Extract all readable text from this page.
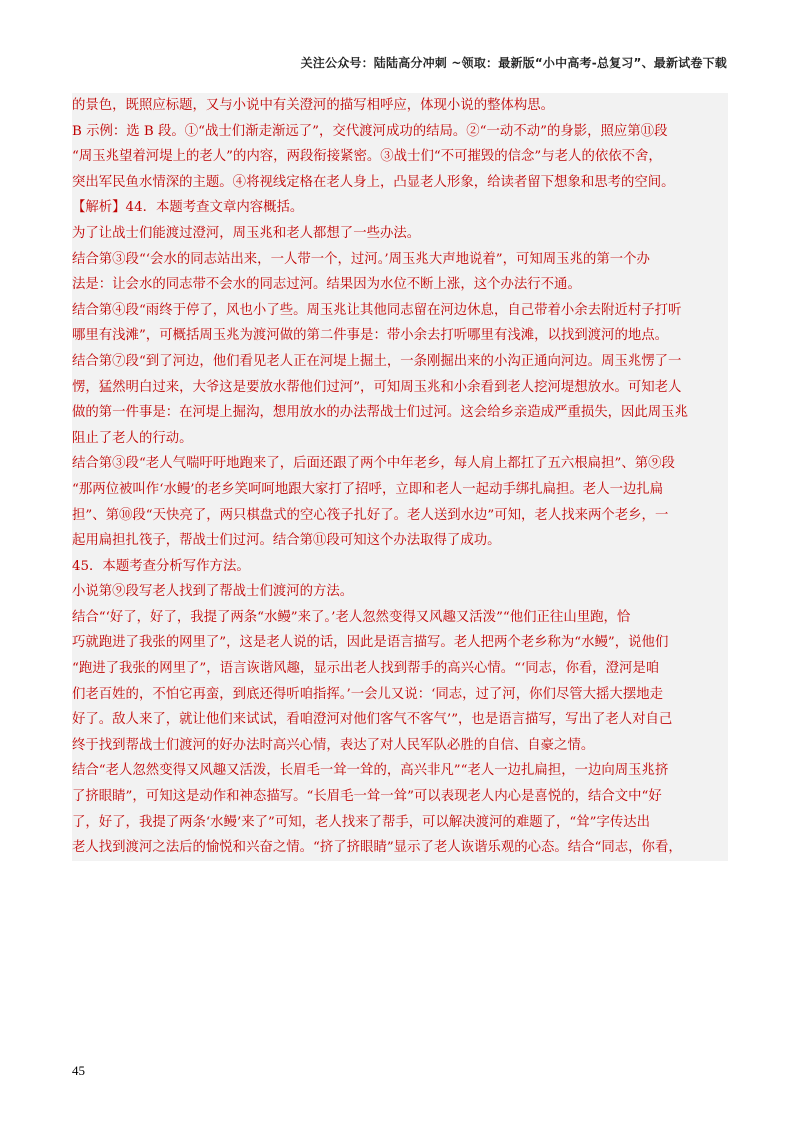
关注公众号：陆陆高分冲刺 ~领取：最新版“小中高考-总复习”、最新试卷下载
的景色，既照应标题，又与小说中有关澄河的描写相呼应，体现小说的整体构思。
B 示例：选 B 段。①“战士们渐走渐远了”，交代渡河成功的结局。②“一动不动”的身影，照应第⑪段
“周玉兆望着河堤上的老人”的内容，两段衔接紧密。③战士们“不可摧毁的信念”与老人的依依不舍，
突出军民鱼水情深的主题。④将视线定格在老人身上，凸显老人形象，给读者留下想象和思考的空间。
【解析】44．本题考查文章内容概括。
为了让战士们能渡过澄河，周玉兆和老人都想了一些办法。
结合第③段“‘会水的同志站出来，一人带一个，过河。’周玉兆大声地说着”，可知周玉兆的第一个办
法是：让会水的同志带不会水的同志过河。结果因为水位不断上涨，这个办法行不通。
结合第④段“雨终于停了，风也小了些。周玉兆让其他同志留在河边休息，自己带着小余去附近村子打听
哪里有浅滩”，可概括周玉兆为渡河做的第二件事是：带小余去打听哪里有浅滩，以找到渡河的地点。
结合第⑦段“到了河边，他们看见老人正在河堤上掘土，一条刚掘出来的小沟正通向河边。周玉兆愣了一
愣，猛然明白过来，大爷这是要放水帮他们过河”，可知周玉兆和小余看到老人挖河堤想放水。可知老人
做的第一件事是：在河堤上掘沟，想用放水的办法帮战士们过河。这会给乡亲造成严重损失，因此周玉兆
阻止了老人的行动。
结合第③段“老人气喘吁吁地跑来了，后面还跟了两个中年老乡，每人肩上都扛了五六根扁担”、第⑨段
“那两位被叫作‘水鳗’的老乡笑呵呵地跟大家打了招呼，立即和老人一起动手绑扎扁担。老人一边扎扁
担”、第⑩段“天快亮了，两只棋盘式的空心筏子扎好了。老人送到水边”可知，老人找来两个老乡，一
起用扁担扎筏子，帮战士们过河。结合第⑪段可知这个办法取得了成功。
45．本题考查分析写作方法。
小说第⑨段写老人找到了帮战士们渡河的方法。
结合“‘好了，好了，我提了两条“水鳗”来了。’老人忽然变得又风趣又活泼”“他们正往山里跑，恰
巧就跑进了我张的网里了”，这是老人说的话，因此是语言描写。老人把两个老乡称为“水鳗”，说他们
“跑进了我张的网里了”，语言诙谐风趣，显示出老人找到帮手的高兴心情。“‘同志，你看，澄河是咱
们老百姓的，不怕它再蛮，到底还得听咱指挥。’一会儿又说：‘同志，过了河，你们尽管大摇大摆地走
好了。敌人来了，就让他们来试试，看咱澄河对他们客气不客气’”，也是语言描写，写出了老人对自己
终于找到帮战士们渡河的好办法时高兴心情，表达了对人民军队必胜的自信、自豪之情。
结合“老人忽然变得又风趣又活泼，长眉毛一耸一耸的，高兴非凡”“老人一边扎扁担，一边向周玉兆挤
了挤眼睛”，可知这是动作和神态描写。“长眉毛一耸一耸”可以表现老人内心是喜悦的，结合文中“好
了，好了，我提了两条‘水鳗’来了”可知，老人找来了帮手，可以解决渡河的难题了，“耸”字传达出
老人找到渡河之法后的愉悦和兴奋之情。“挤了挤眼睛”显示了老人诙谐乐观的心态。结合“同志，你看，
45
